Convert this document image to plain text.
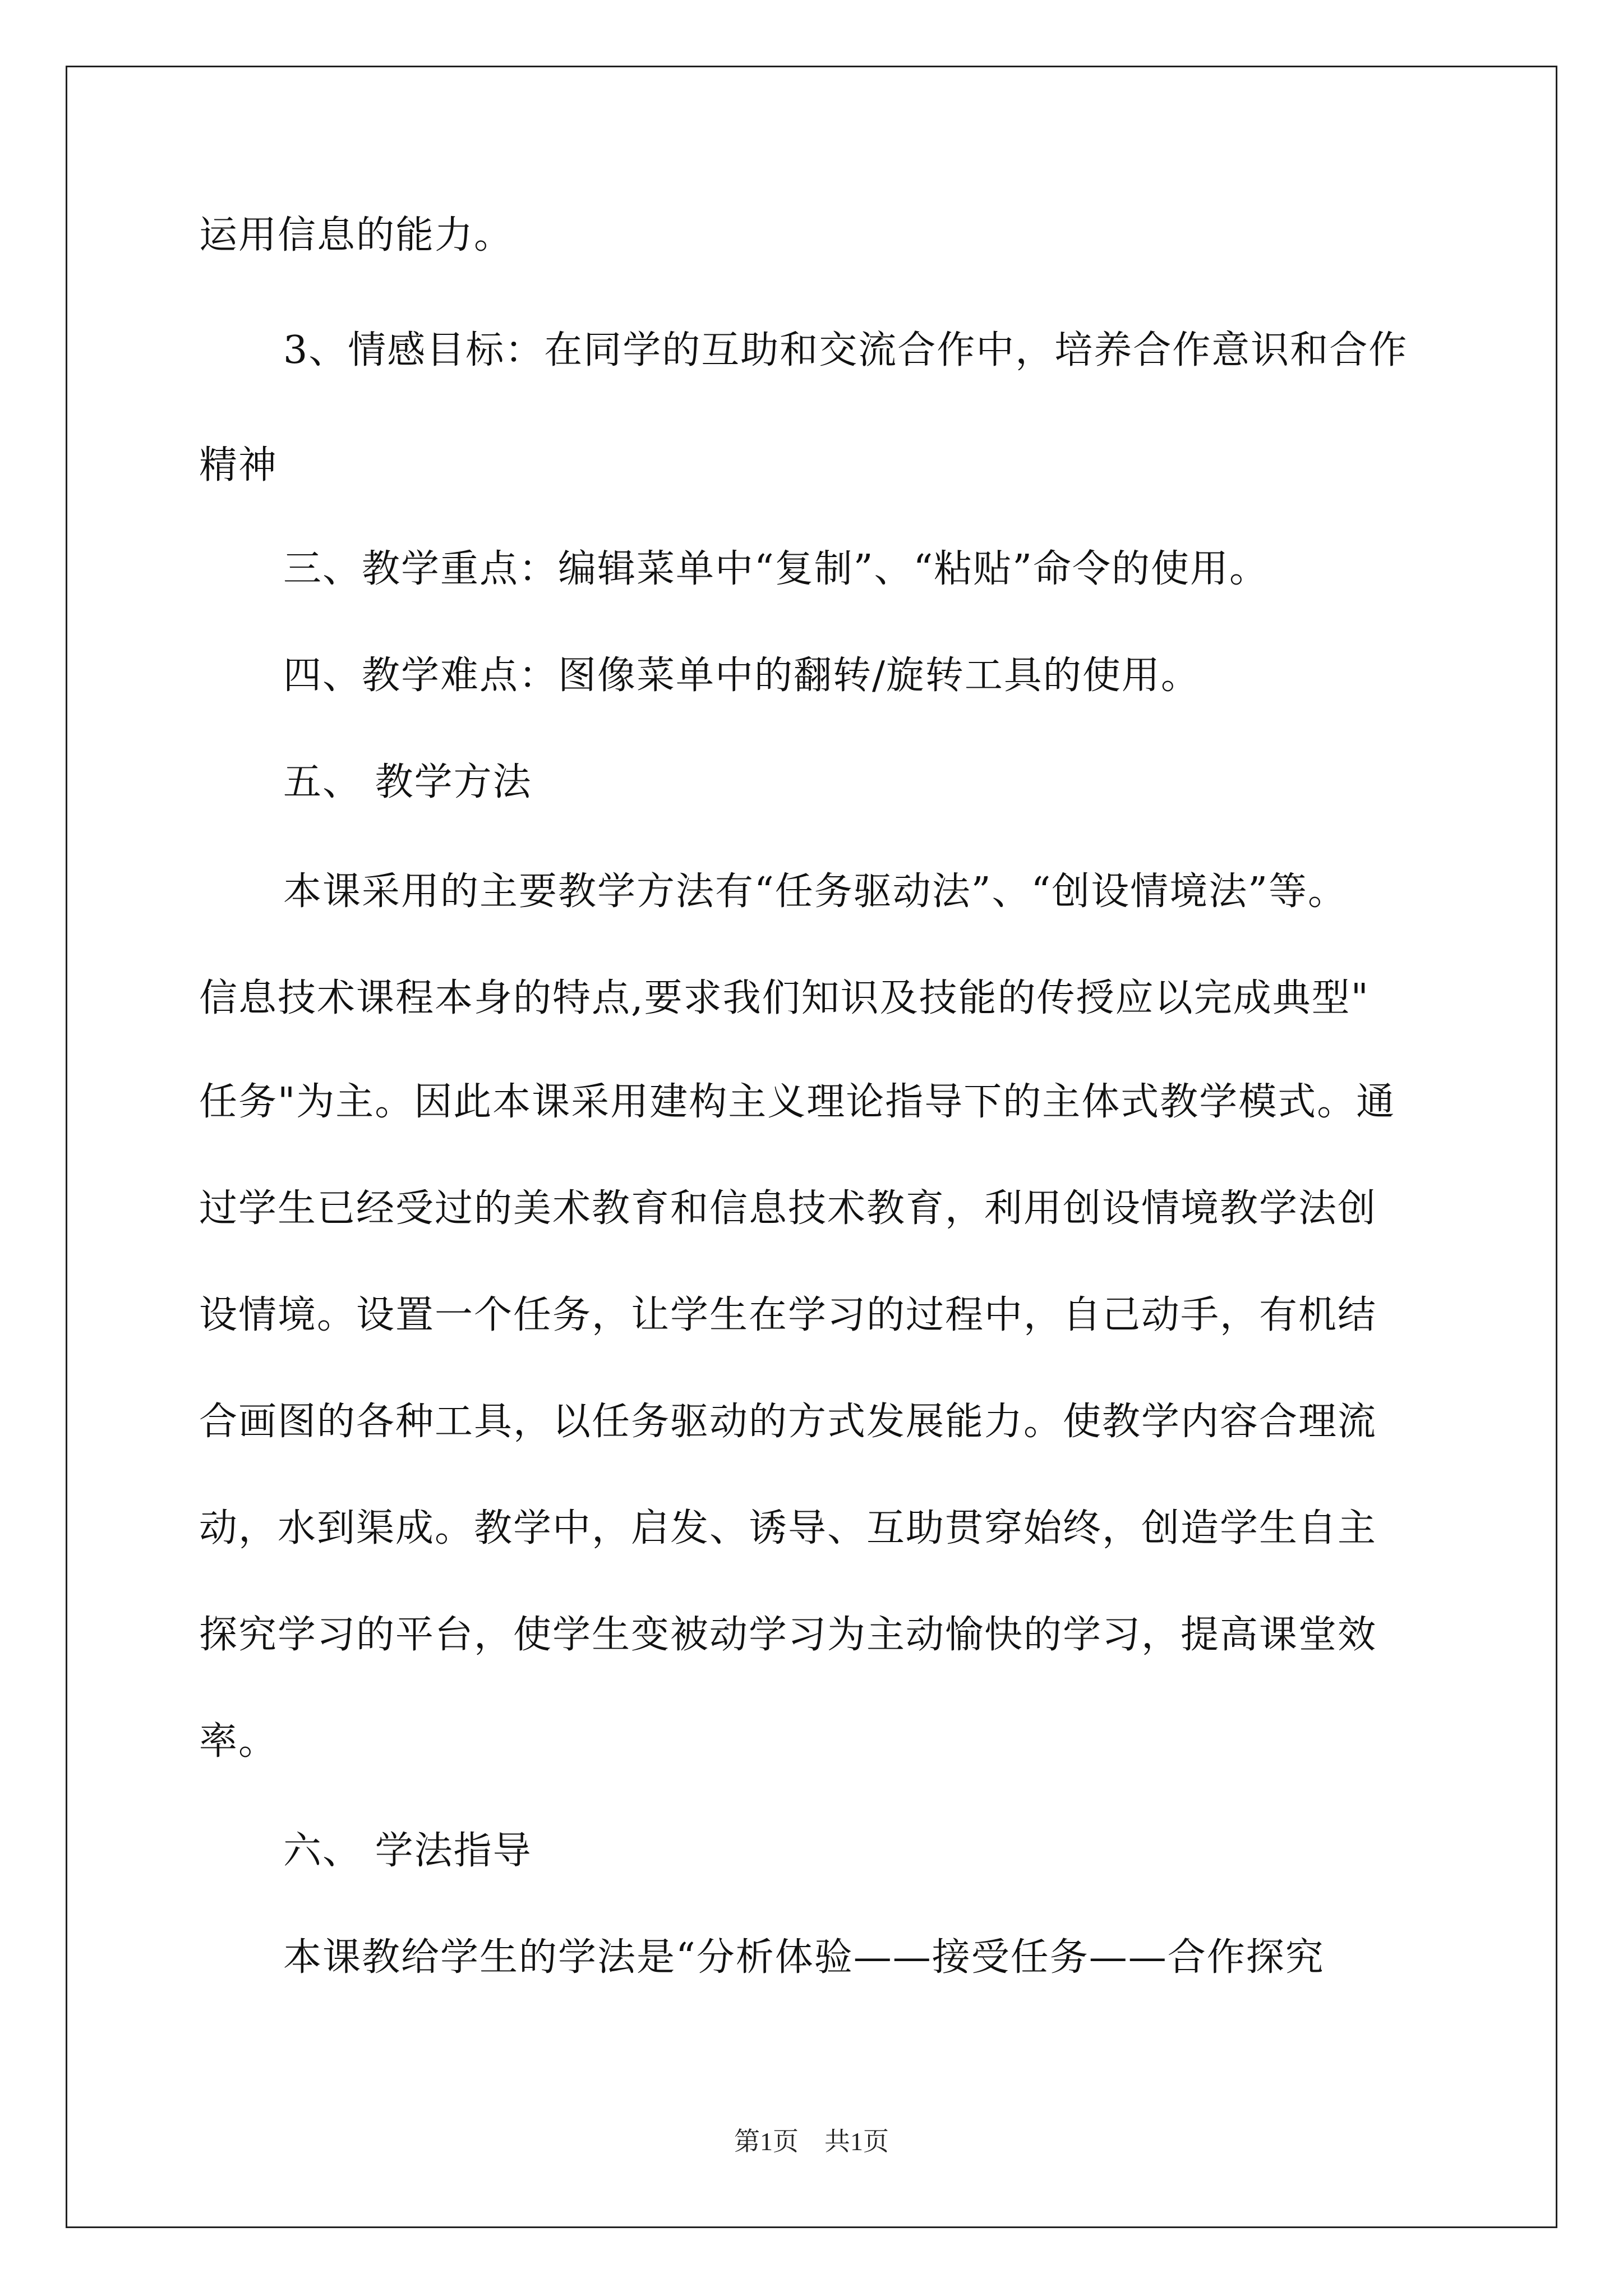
运用信息的能力。
3、情感目标：在同学的互助和交流合作中，培养合作意识和合作
精神
三、教学重点：编辑菜单中“复制”、“粘贴”命令的使用。
四、教学难点：图像菜单中的翻转/旋转工具的使用。
五、 教学方法
本课采用的主要教学方法有“任务驱动法”、“创设情境法”等。
信息技术课程本身的特点,要求我们知识及技能的传授应以完成典型"
任务"为主。因此本课采用建构主义理论指导下的主体式教学模式。通
过学生已经受过的美术教育和信息技术教育，利用创设情境教学法创
设情境。设置一个任务，让学生在学习的过程中，自己动手，有机结
合画图的各种工具，以任务驱动的方式发展能力。使教学内容合理流
动，水到渠成。教学中，启发、诱导、互助贯穿始终，创造学生自主
探究学习的平台，使学生变被动学习为主动愉快的学习，提高课堂效
率。
六、 学法指导
本课教给学生的学法是“分析体验——接受任务——合作探究
第1页　共1页
